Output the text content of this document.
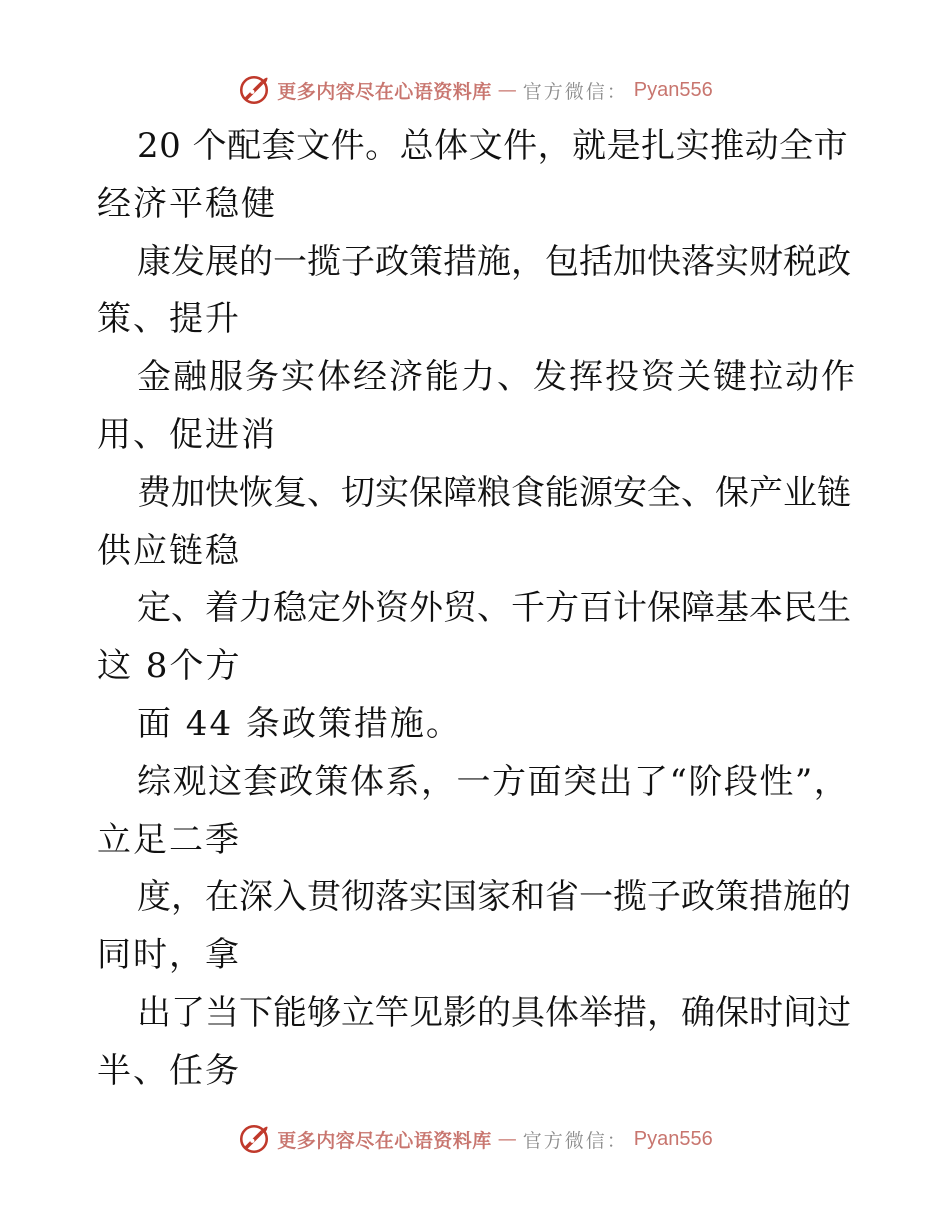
更多内容尽在心语资料库 — 官方微信： Pyan556
20 个配套文件。总体文件，就是扎实推动全市
经济平稳健
康发展的一揽子政策措施，包括加快落实财税政
策、提升
金融服务实体经济能力、发挥投资关键拉动作
用、促进消
费加快恢复、切实保障粮食能源安全、保产业链
供应链稳
定、着力稳定外资外贸、千方百计保障基本民生
这 8个方
面 44 条政策措施。
综观这套政策体系，一方面突出了“阶段性”，
立足二季
度，在深入贯彻落实国家和省一揽子政策措施的
同时，拿
出了当下能够立竿见影的具体举措，确保时间过
半、任务
更多内容尽在心语资料库 — 官方微信： Pyan556
